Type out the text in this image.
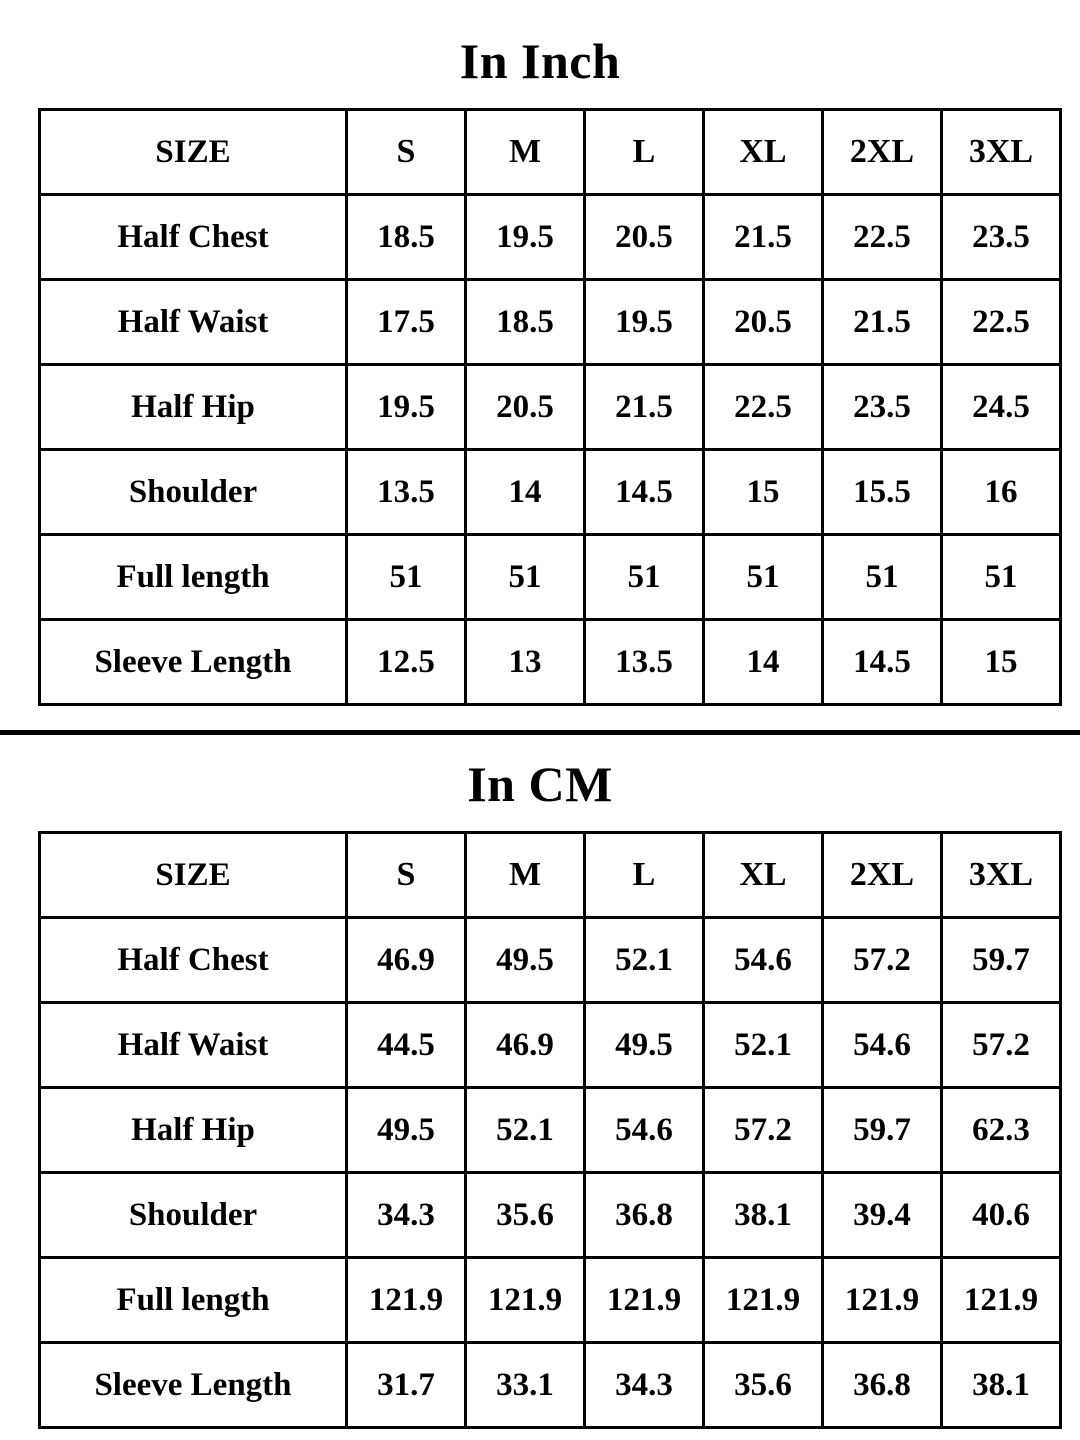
In Inch
SIZE	S	M	L	XL	2XL	3XL
Half Chest	18.5	19.5	20.5	21.5	22.5	23.5
Half Waist	17.5	18.5	19.5	20.5	21.5	22.5
Half Hip	19.5	20.5	21.5	22.5	23.5	24.5
Shoulder	13.5	14	14.5	15	15.5	16
Full length	51	51	51	51	51	51
Sleeve Length	12.5	13	13.5	14	14.5	15
In CM
SIZE	S	M	L	XL	2XL	3XL
Half Chest	46.9	49.5	52.1	54.6	57.2	59.7
Half Waist	44.5	46.9	49.5	52.1	54.6	57.2
Half Hip	49.5	52.1	54.6	57.2	59.7	62.3
Shoulder	34.3	35.6	36.8	38.1	39.4	40.6
Full length	121.9	121.9	121.9	121.9	121.9	121.9
Sleeve Length	31.7	33.1	34.3	35.6	36.8	38.1
